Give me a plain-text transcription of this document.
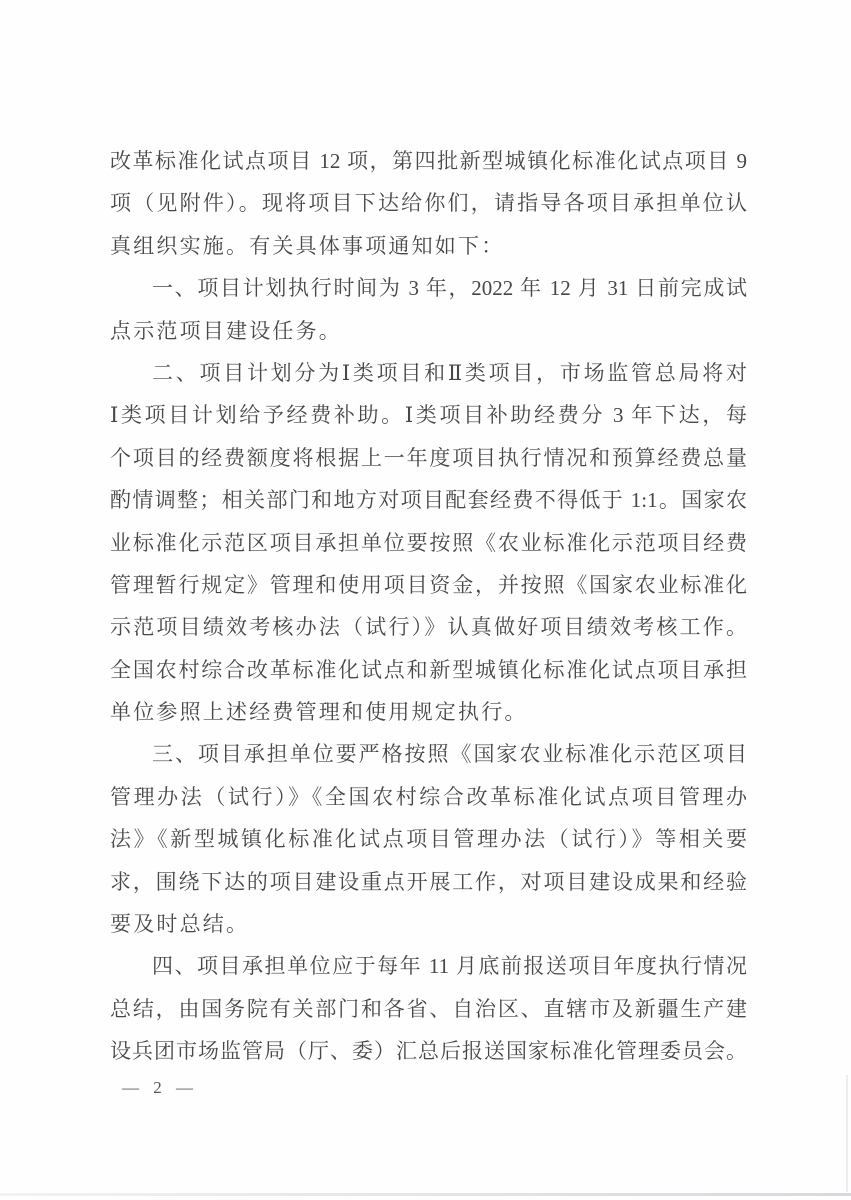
改革标准化试点项目 12 项，第四批新型城镇化标准化试点项目 9
项（见附件）。现将项目下达给你们，请指导各项目承担单位认
真组织实施。有关具体事项通知如下：
一、项目计划执行时间为 3 年，2022 年 12 月 31 日前完成试
点示范项目建设任务。
二、项目计划分为Ⅰ类项目和Ⅱ类项目，市场监管总局将对
Ⅰ类项目计划给予经费补助。Ⅰ类项目补助经费分 3 年下达，每
个项目的经费额度将根据上一年度项目执行情况和预算经费总量
酌情调整；相关部门和地方对项目配套经费不得低于 1:1。国家农
业标准化示范区项目承担单位要按照《农业标准化示范项目经费
管理暂行规定》管理和使用项目资金，并按照《国家农业标准化
示范项目绩效考核办法（试行）》认真做好项目绩效考核工作。
全国农村综合改革标准化试点和新型城镇化标准化试点项目承担
单位参照上述经费管理和使用规定执行。
三、项目承担单位要严格按照《国家农业标准化示范区项目
管理办法（试行）》《全国农村综合改革标准化试点项目管理办
法》《新型城镇化标准化试点项目管理办法（试行）》等相关要
求，围绕下达的项目建设重点开展工作，对项目建设成果和经验
要及时总结。
四、项目承担单位应于每年 11 月底前报送项目年度执行情况
总结，由国务院有关部门和各省、自治区、直辖市及新疆生产建
设兵团市场监管局（厅、委）汇总后报送国家标准化管理委员会。
— 2 —
